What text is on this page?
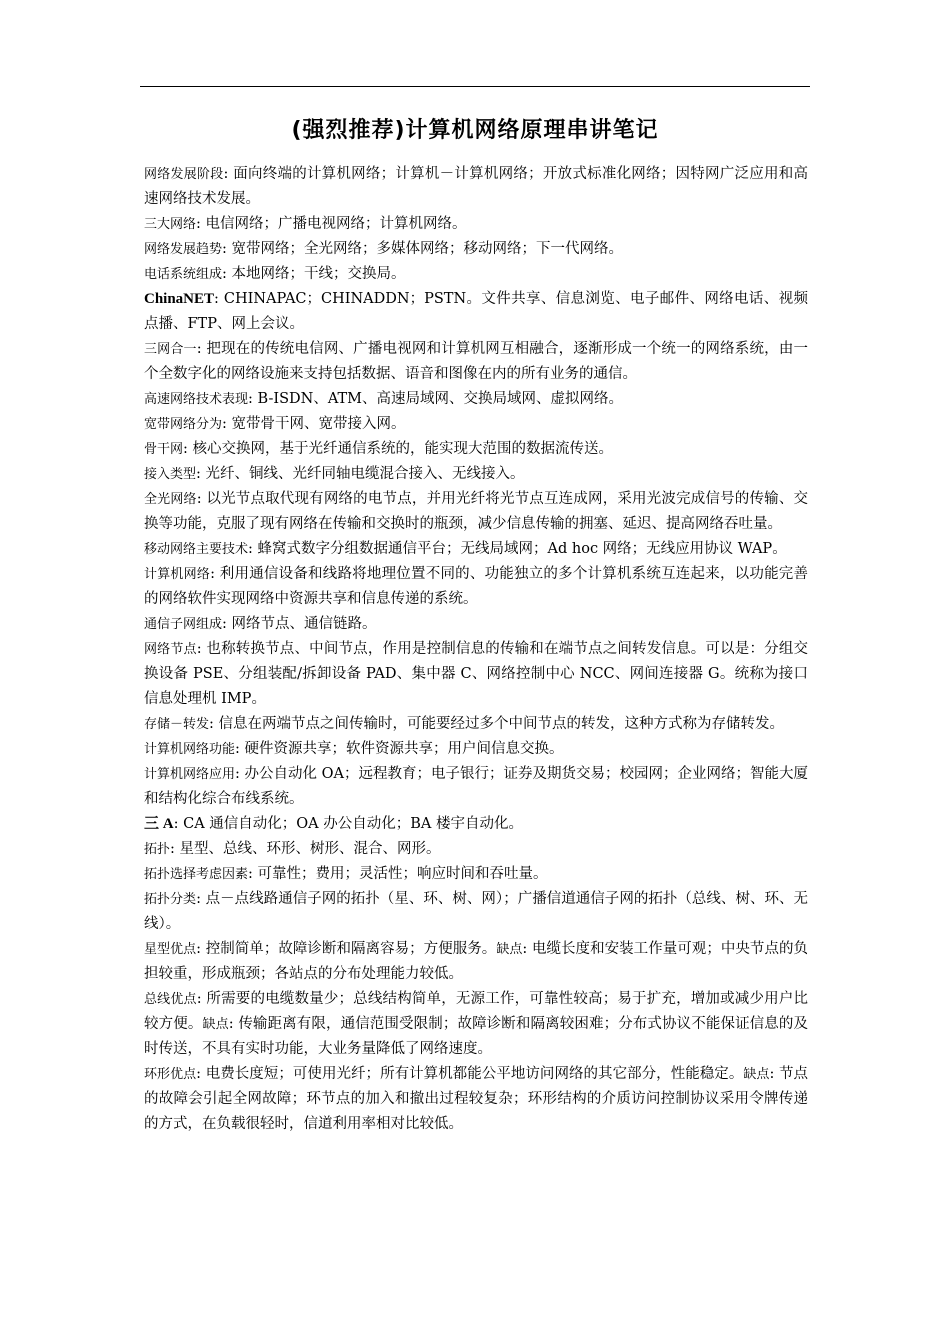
(强烈推荐)计算机网络原理串讲笔记

网络发展阶段: 面向终端的计算机网络；计算机－计算机网络；开放式标准化网络；因特网广泛应用和高速网络技术发展。

三大网络: 电信网络；广播电视网络；计算机网络。

网络发展趋势: 宽带网络；全光网络；多媒体网络；移动网络；下一代网络。

电话系统组成: 本地网络；干线；交换局。

ChinaNET: CHINAPAC；CHINADDN；PSTN。文件共享、信息浏览、电子邮件、网络电话、视频点播、FTP、网上会议。

三网合一: 把现在的传统电信网、广播电视网和计算机网互相融合，逐渐形成一个统一的网络系统，由一个全数字化的网络设施来支持包括数据、语音和图像在内的所有业务的通信。

高速网络技术表现: B-ISDN、ATM、高速局域网、交换局域网、虚拟网络。

宽带网络分为: 宽带骨干网、宽带接入网。

骨干网: 核心交换网，基于光纤通信系统的，能实现大范围的数据流传送。

接入类型: 光纤、铜线、光纤同轴电缆混合接入、无线接入。

全光网络: 以光节点取代现有网络的电节点，并用光纤将光节点互连成网，采用光波完成信号的传输、交换等功能，克服了现有网络在传输和交换时的瓶颈，减少信息传输的拥塞、延迟、提高网络吞吐量。

移动网络主要技术: 蜂窝式数字分组数据通信平台；无线局域网；Ad hoc 网络；无线应用协议 WAP。

计算机网络: 利用通信设备和线路将地理位置不同的、功能独立的多个计算机系统互连起来，以功能完善的网络软件实现网络中资源共享和信息传递的系统。

通信子网组成: 网络节点、通信链路。

网络节点: 也称转换节点、中间节点，作用是控制信息的传输和在端节点之间转发信息。可以是：分组交换设备 PSE、分组装配/拆卸设备 PAD、集中器 C、网络控制中心 NCC、网间连接器 G。统称为接口信息处理机 IMP。

存储－转发: 信息在两端节点之间传输时，可能要经过多个中间节点的转发，这种方式称为存储转发。

计算机网络功能: 硬件资源共享；软件资源共享；用户间信息交换。

计算机网络应用: 办公自动化 OA；远程教育；电子银行；证券及期货交易；校园网；企业网络；智能大厦和结构化综合布线系统。

三 A: CA 通信自动化；OA 办公自动化；BA 楼宇自动化。

拓扑: 星型、总线、环形、树形、混合、网形。

拓扑选择考虑因素: 可靠性；费用；灵活性；响应时间和吞吐量。

拓扑分类: 点－点线路通信子网的拓扑（星、环、树、网）；广播信道通信子网的拓扑（总线、树、环、无线）。

星型优点: 控制简单；故障诊断和隔离容易；方便服务。缺点: 电缆长度和安装工作量可观；中央节点的负担较重，形成瓶颈；各站点的分布处理能力较低。

总线优点: 所需要的电缆数量少；总线结构简单，无源工作，可靠性较高；易于扩充，增加或减少用户比较方便。缺点: 传输距离有限，通信范围受限制；故障诊断和隔离较困难；分布式协议不能保证信息的及时传送，不具有实时功能，大业务量降低了网络速度。

环形优点: 电费长度短；可使用光纤；所有计算机都能公平地访问网络的其它部分，性能稳定。缺点: 节点的故障会引起全网故障；环节点的加入和撤出过程较复杂；环形结构的介质访问控制协议采用令牌传递的方式，在负载很轻时，信道利用率相对比较低。
